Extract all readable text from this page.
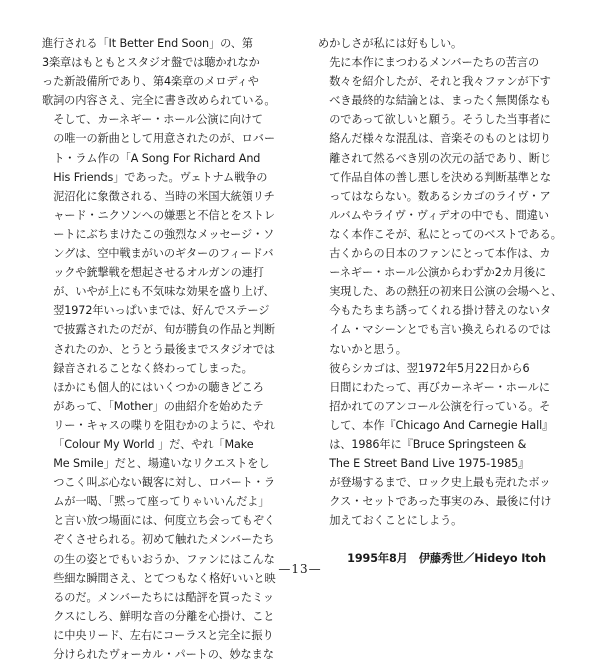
進行される「It Better End Soon」の、第
3楽章はもともとスタジオ盤では聴かれなか
った新設備所であり、第4楽章のメロディや
歌詞の内容さえ、完全に書き改められている。

そして、カーネギー・ホール公演に向けて
の唯一の新曲として用意されたのが、ロバー
ト・ラム作の「A Song For Richard And
His Friends」であった。ヴェトナム戦争の
泥沼化に象徴される、当時の米国大統領リチ
ャード・ニクソンへの嫌悪と不信とをストレ
ートにぶちまけたこの強烈なメッセージ・ソ
ングは、空中戦まがいのギターのフィードバ
ックや銃撃戦を想起させるオルガンの連打
が、いやが上にも不気味な効果を盛り上げ、
翌1972年いっぱいまでは、好んでステージ
で披露されたのだが、旬が勝負の作品と判断
されたのか、とうとう最後までスタジオでは
録音されることなく終わってしまった。

ほかにも個人的にはいくつかの聴きどころ
があって、「Mother」の曲紹介を始めたテ
リー・キャスの喋りを阻むかのように、やれ
「Colour My World 」だ、やれ「Make
Me Smile」だと、場違いなリクエストをし
つこく叫ぶ心ない観客に対し、ロバート・ラ
ムが一喝、「黙って座ってりゃいいんだよ」
と言い放つ場面には、何度立ち会ってもぞく
ぞくさせられる。初めて触れたメンバーたち
の生の姿とでもいおうか、ファンにはこんな
些細な瞬間さえ、とてつもなく格好いいと映
るのだ。メンバーたちには酷評を買ったミッ
クスにしろ、鮮明な音の分離を心掛け、こと
に中央リード、左右にコーラスと完全に振り
分けられたヴォーカル・パートの、妙なまな

めかしさが私には好もしい。

先に本作にまつわるメンバーたちの苦言の
数々を紹介したが、それと我々ファンが下す
べき最終的な結論とは、まったく無関係なも
のであって欲しいと願う。そうした当事者に
絡んだ様々な混乱は、音楽そのものとは切り
離されて然るべき別の次元の話であり、断じ
て作品自体の善し悪しを決める判断基準とな
ってはならない。数あるシカゴのライヴ・ア
ルバムやライヴ・ヴィデオの中でも、間違い
なく本作こそが、私にとってのベストである。
古くからの日本のファンにとって本作は、カ
ーネギー・ホール公演からわずか2カ月後に
実現した、あの熱狂の初来日公演の会場へと、
今もたちまち誘ってくれる掛け替えのないタ
イム・マシーンとでも言い換えられるのでは
ないかと思う。

彼らシカゴは、翌1972年5月22日から6
日間にわたって、再びカーネギー・ホールに
招かれてのアンコール公演を行っている。そ
して、本作『Chicago And Carnegie Hall』
は、1986年に『Bruce Springsteen &
The E Street Band Live 1975-1985』
が登場するまで、ロック史上最も売れたボッ
クス・セットであった事実のみ、最後に付け
加えておくことにしよう。

1995年8月　伊藤秀世／Hideyo Itoh
—13—
